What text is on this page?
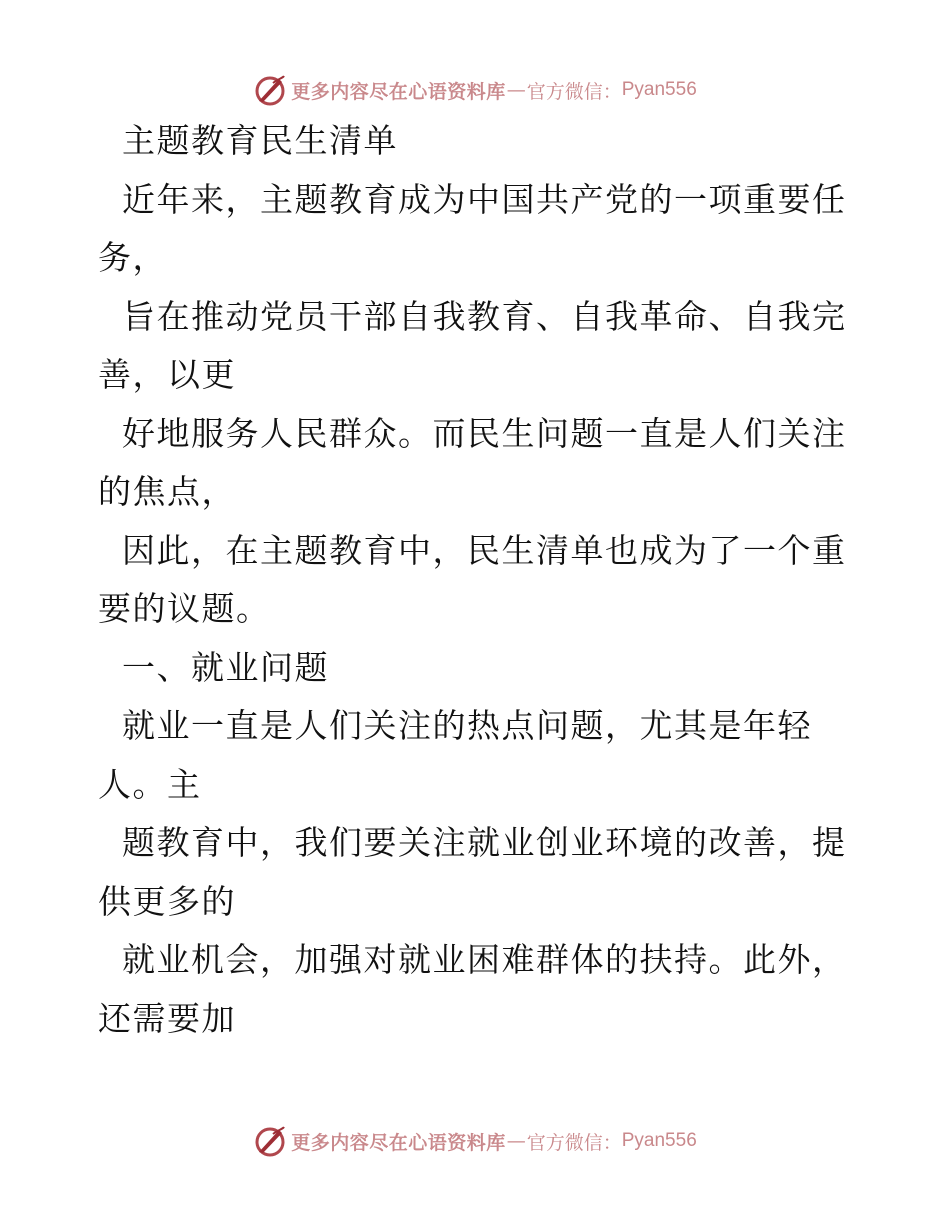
更多内容尽在心语资料库 — 官方微信： Pyan556

主题教育民生清单

近年来，主题教育成为中国共产党的一项重要任

务，

旨在推动党员干部自我教育、自我革命、自我完

善，以更

好地服务人民群众。而民生问题一直是人们关注

的焦点，

因此，在主题教育中，民生清单也成为了一个重

要的议题。

一、就业问题

就业一直是人们关注的热点问题，尤其是年轻

人。主

题教育中，我们要关注就业创业环境的改善，提

供更多的

就业机会，加强对就业困难群体的扶持。此外，

还需要加

更多内容尽在心语资料库 — 官方微信： Pyan556
